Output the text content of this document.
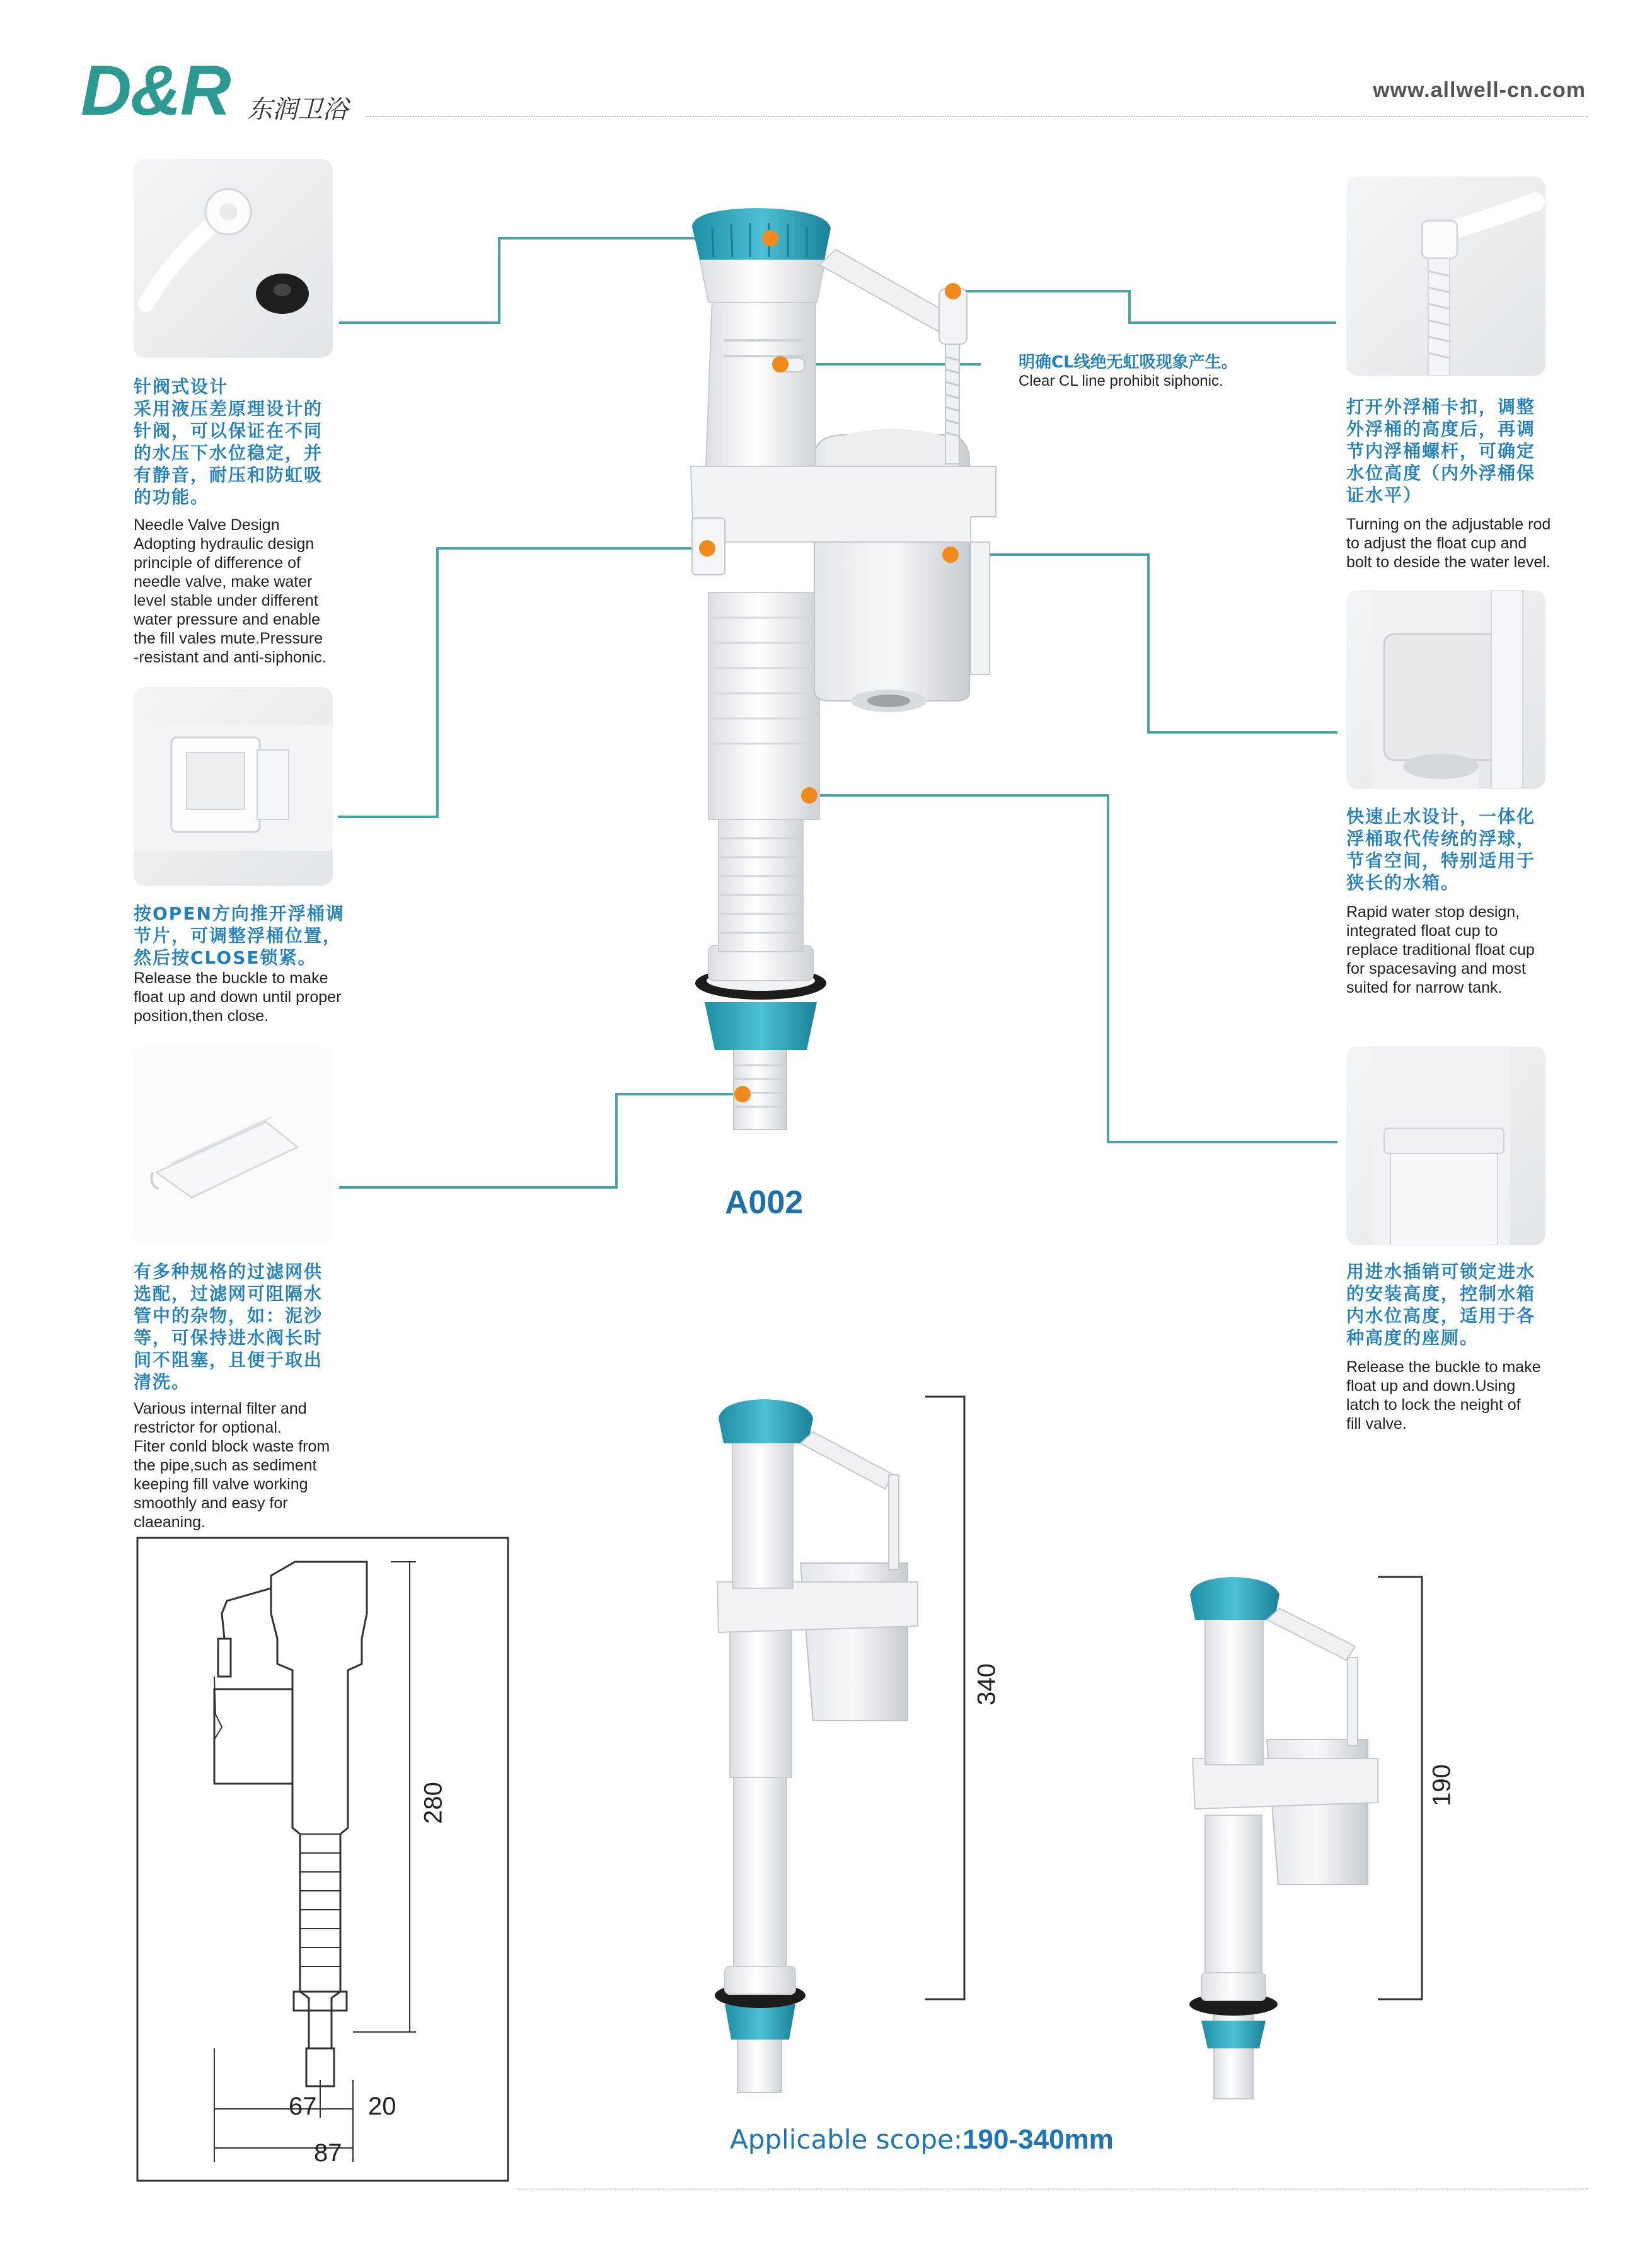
D&R 东润卫浴
www.allwell-cn.com
针阀式设计
采用液压差原理设计的
针阀，可以保证在不同
的水压下水位稳定，并
有静音，耐压和防虹吸
的功能。
Needle Valve Design
Adopting hydraulic design
principle of difference of
needle valve, make water
level stable under different
water pressure and enable
the fill vales mute.Pressure
-resistant and anti-siphonic.
按OPEN方向推开浮桶调
节片，可调整浮桶位置，
然后按CLOSE锁紧。
Release the buckle to make
float up and down until proper
position,then close.
有多种规格的过滤网供
选配，过滤网可阻隔水
管中的杂物，如：泥沙
等，可保持进水阀长时
间不阻塞，且便于取出
清洗。
Various internal filter and
restrictor for optional.
Fiter conld block waste from
the pipe,such as sediment
keeping fill valve working
smoothly and easy for claeaning.
打开外浮桶卡扣，调整
外浮桶的高度后，再调
节内浮桶螺杆，可确定
水位高度（内外浮桶保
证水平）
Turning on the adjustable rod
to adjust the float cup and
bolt to deside the water level.
快速止水设计，一体化
浮桶取代传统的浮球，
节省空间，特别适用于
狭长的水箱。
Rapid water stop design,
integrated float cup to
replace traditional float cup
for spacesaving and most
suited for narrow tank.
用进水插销可锁定进水
的安装高度，控制水箱
内水位高度，适用于各
种高度的座厕。
Release the buckle to make
float up and down.Using
latch to lock the neight of
fill valve.
明确CL线绝无虹吸现象产生。
Clear CL line prohibit siphonic.
A002
280
67 20
87
340
190
Applicable scope:190-340mm
